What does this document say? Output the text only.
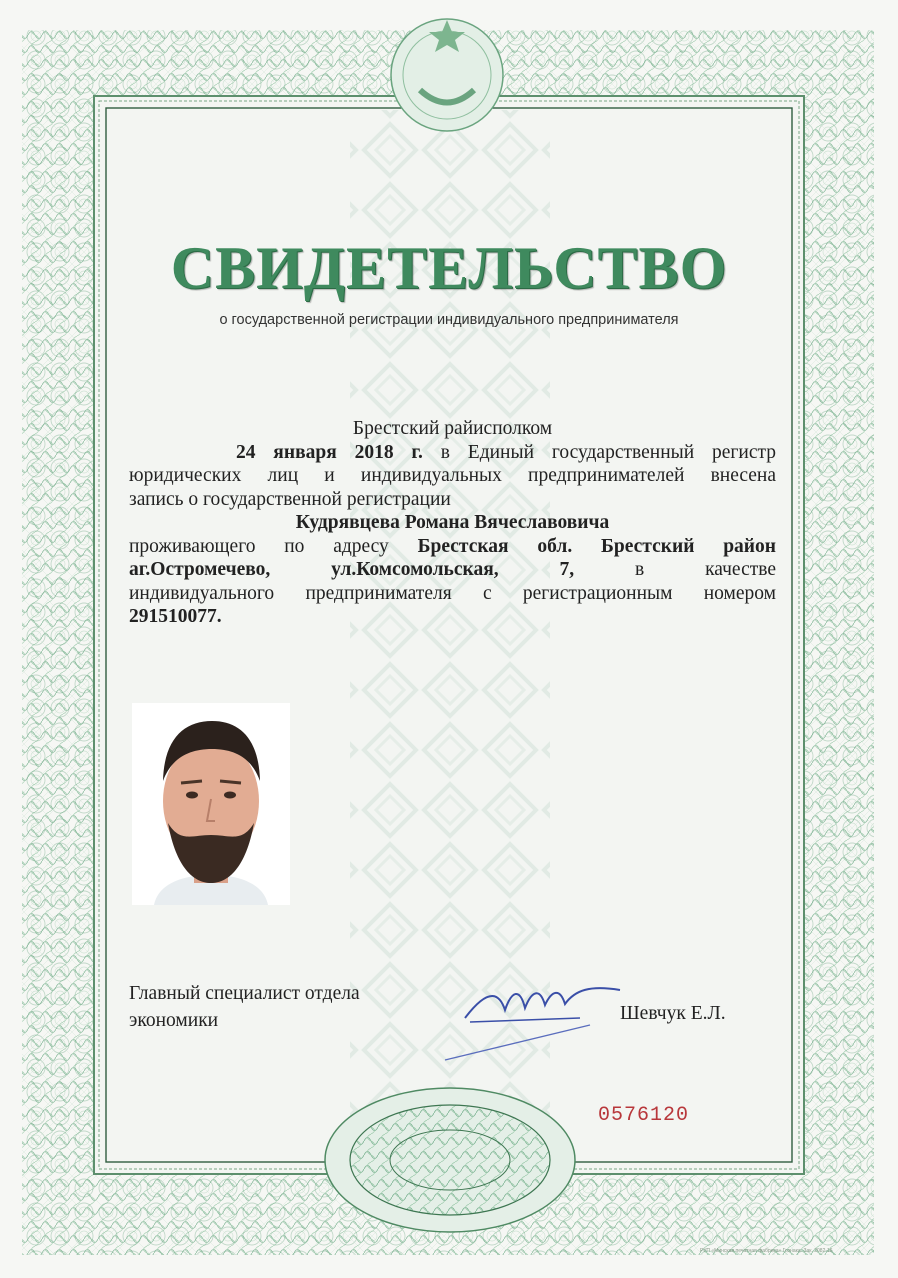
СВИДЕТЕЛЬСТВО
о государственной регистрации индивидуального предпринимателя

Брестский райисполком

24 января 2018 г. в Единый государственный регистр

юридических лиц и индивидуальных предпринимателей внесена

запись о государственной регистрации

Кудрявцева Романа Вячеславовича

проживающего по адресу Брестская обл. Брестский район

аг.Остромечево, ул.Комсомольская, 7,	в качестве

индивидуального предпринимателя с регистрационным номером

291510077.

Главный специалист отдела
экономики	Шевчук Е.Л.
0576120
РУП «Минская печатная фабрика» Гознака. Зак. 2082-16
